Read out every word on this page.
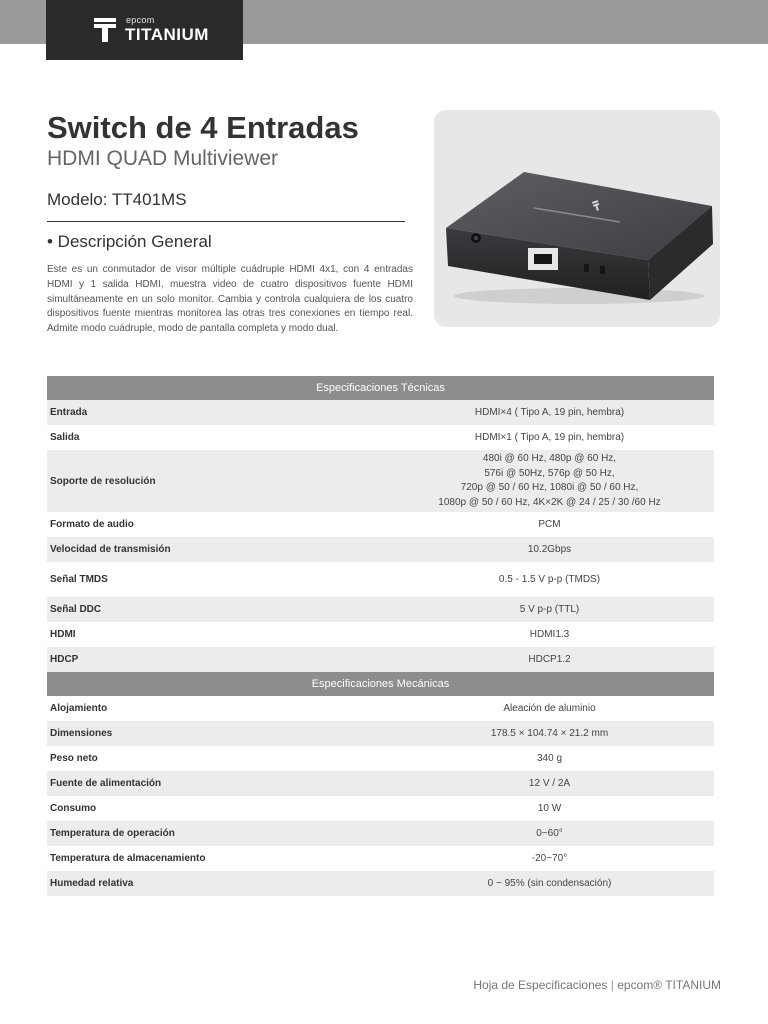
epcom
TITANIUM
Switch de 4 Entradas
HDMI QUAD Multiviewer
Modelo: TT401MS
• Descripción General

Este es un conmutador de visor múltiple cuádruple HDMI 4x1, con 4 entradas HDMI y 1 salida HDMI, muestra video de cuatro dispositivos fuente HDMI simultáneamente en un solo monitor. Cambia y controla cualquiera de los cuatro dispositivos fuente mientras monitorea las otras tres conexiones en tiempo real. Admite modo cuádruple, modo de pantalla completa y modo dual.

Especificaciones Técnicas	
Entrada	HDMI×4 ( Tipo A, 19 pin, hembra)
Salida	HDMI×1 ( Tipo A, 19 pin, hembra)
Soporte de resolución	480i @ 60 Hz, 480p @ 60 Hz,
576i @ 50Hz, 576p @ 50 Hz,
720p @ 50 / 60 Hz, 1080i @ 50 / 60 Hz,
1080p @ 50 / 60 Hz, 4K×2K @ 24 / 25 / 30 /60 Hz

Formato de audio	PCM
Velocidad de transmisión	10.2Gbps
Señal TMDS	0.5 - 1.5 V p-p (TMDS)
Señal DDC	5 V p-p (TTL)
HDMI	HDMI1.3
HDCP	HDCP1.2
Especificaciones Mecánicas	
Alojamiento	Aleación de aluminio
Dimensiones	178.5 × 104.74 × 21.2 mm
Peso neto	340 g
Fuente de alimentación	12 V / 2A
Consumo	10 W
Temperatura de operación	0~60°
Temperatura de almacenamiento	-20~70°
Humedad relativa	0 ~ 95% (sin condensación)
Hoja de Especificaciones | epcom® TITANIUM
